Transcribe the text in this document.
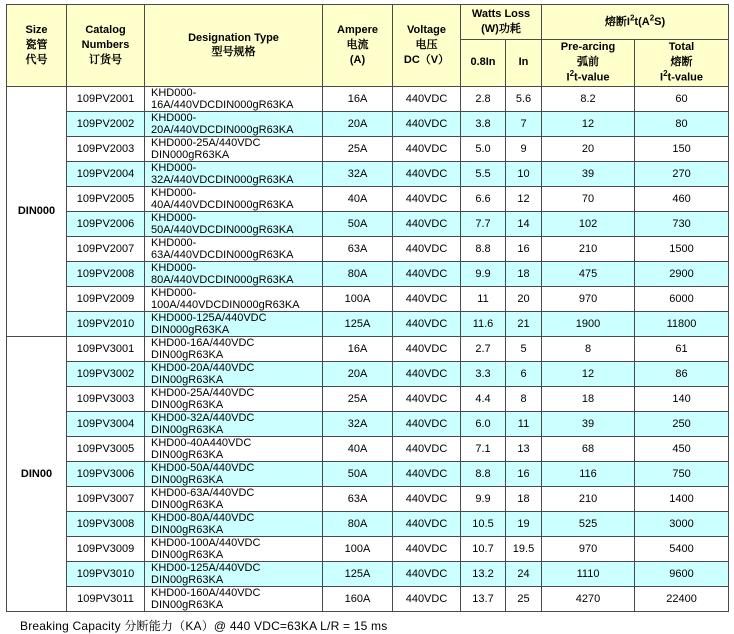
Size
瓷管
代号

Catalog
Numbers
订货号

Designation Type
型号规格

Ampere
电流
(A)

Voltage
电压
DC（V）

Watts Loss
(W)功耗
	熔断$I^2t(A^2S)$
0.8In	In	
Pre-arcing
弧前
$I^2t$-value

Total
熔断
$I^2t$-value

DIN000	109PV2001	KHD000-16A/440VDCDIN000gR63KA	16A	440VDC	2.8	5.6	8.2	60
	109PV2002	KHD000-20A/440VDCDIN000gR63KA	20A	440VDC	3.8	7	12	80
	109PV2003	KHD000-25A/440VDC DIN000gR63KA	25A	440VDC	5.0	9	20	150
	109PV2004	KHD000-32A/440VDCDIN000gR63KA	32A	440VDC	5.5	10	39	270
	109PV2005	KHD000-40A/440VDCDIN000gR63KA	40A	440VDC	6.6	12	70	460
	109PV2006	KHD000-50A/440VDCDIN000gR63KA	50A	440VDC	7.7	14	102	730
	109PV2007	KHD000-63A/440VDCDIN000gR63KA	63A	440VDC	8.8	16	210	1500
	109PV2008	KHD000-80A/440VDCDIN000gR63KA	80A	440VDC	9.9	18	475	2900
	109PV2009	KHD000-100A/440VDCDIN000gR63KA	100A	440VDC	11	20	970	6000
	109PV2010	KHD000-125A/440VDC DIN000gR63KA	125A	440VDC	11.6	21	1900	11800
DIN00	109PV3001	KHD00-16A/440VDC DIN00gR63KA	16A	440VDC	2.7	5	8	61
	109PV3002	KHD00-20A/440VDC DIN00gR63KA	20A	440VDC	3.3	6	12	86
	109PV3003	KHD00-25A/440VDC DIN00gR63KA	25A	440VDC	4.4	8	18	140
	109PV3004	KHD00-32A/440VDC DIN00gR63KA	32A	440VDC	6.0	11	39	250
	109PV3005	KHD00-40A440VDC DIN00gR63KA	40A	440VDC	7.1	13	68	450
	109PV3006	KHD00-50A/440VDC DIN00gR63KA	50A	440VDC	8.8	16	116	750
	109PV3007	KHD00-63A/440VDC DIN00gR63KA	63A	440VDC	9.9	18	210	1400
	109PV3008	KHD00-80A/440VDC DIN00gR63KA	80A	440VDC	10.5	19	525	3000
	109PV3009	KHD00-100A/440VDC DIN00gR63KA	100A	440VDC	10.7	19.5	970	5400
	109PV3010	KHD00-125A/440VDC DIN00gR63KA	125A	440VDC	13.2	24	1110	9600
	109PV3011	KHD00-160A/440VDC DIN00gR63KA	160A	440VDC	13.7	25	4270	22400
Breaking Capacity 分断能力（KA）@ 440 VDC=63KA L/R = 15 ms
